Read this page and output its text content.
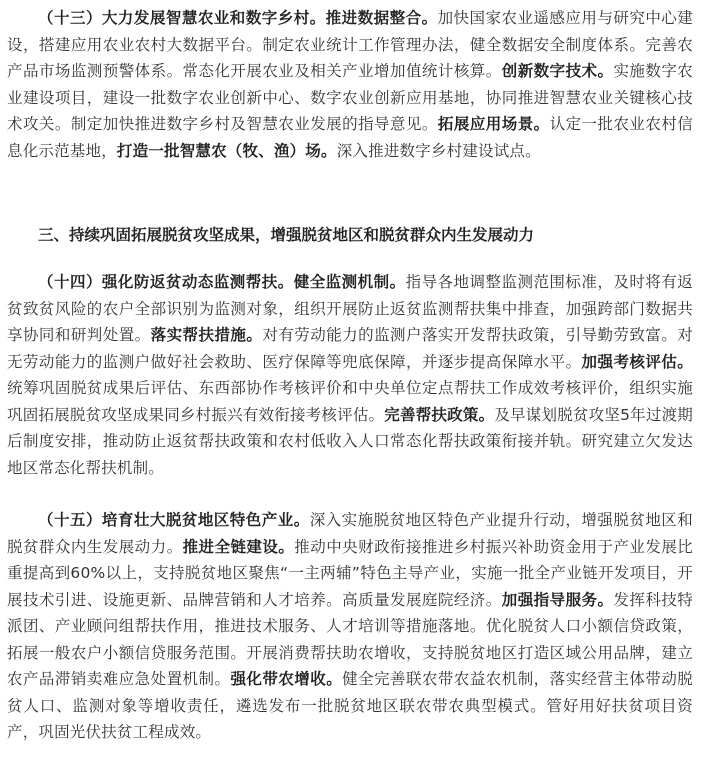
（十三）大力发展智慧农业和数字乡村。推进数据整合。加快国家农业遥感应用与研究中心建设，搭建应用农业农村大数据平台。制定农业统计工作管理办法，健全数据安全制度体系。完善农产品市场监测预警体系。常态化开展农业及相关产业增加值统计核算。创新数字技术。实施数字农业建设项目，建设一批数字农业创新中心、数字农业创新应用基地，协同推进智慧农业关键核心技术攻关。制定加快推进数字乡村及智慧农业发展的指导意见。拓展应用场景。认定一批农业农村信息化示范基地，打造一批智慧农（牧、渔）场。深入推进数字乡村建设试点。

三、持续巩固拓展脱贫攻坚成果，增强脱贫地区和脱贫群众内生发展动力

（十四）强化防返贫动态监测帮扶。健全监测机制。指导各地调整监测范围标准，及时将有返贫致贫风险的农户全部识别为监测对象，组织开展防止返贫监测帮扶集中排查，加强跨部门数据共享协同和研判处置。落实帮扶措施。对有劳动能力的监测户落实开发帮扶政策，引导勤劳致富。对无劳动能力的监测户做好社会救助、医疗保障等兜底保障，并逐步提高保障水平。加强考核评估。统筹巩固脱贫成果后评估、东西部协作考核评价和中央单位定点帮扶工作成效考核评价，组织实施巩固拓展脱贫攻坚成果同乡村振兴有效衔接考核评估。完善帮扶政策。及早谋划脱贫攻坚5年过渡期后制度安排，推动防止返贫帮扶政策和农村低收入人口常态化帮扶政策衔接并轨。研究建立欠发达地区常态化帮扶机制。

（十五）培育壮大脱贫地区特色产业。深入实施脱贫地区特色产业提升行动，增强脱贫地区和脱贫群众内生发展动力。推进全链建设。推动中央财政衔接推进乡村振兴补助资金用于产业发展比重提高到60%以上，支持脱贫地区聚焦“一主两辅”特色主导产业，实施一批全产业链开发项目，开展技术引进、设施更新、品牌营销和人才培养。高质量发展庭院经济。加强指导服务。发挥科技特派团、产业顾问组帮扶作用，推进技术服务、人才培训等措施落地。优化脱贫人口小额信贷政策，拓展一般农户小额信贷服务范围。开展消费帮扶助农增收，支持脱贫地区打造区域公用品牌，建立农产品滞销卖难应急处置机制。强化带农增收。健全完善联农带农益农机制，落实经营主体带动脱贫人口、监测对象等增收责任，遴选发布一批脱贫地区联农带农典型模式。管好用好扶贫项目资产，巩固光伏扶贫工程成效。
